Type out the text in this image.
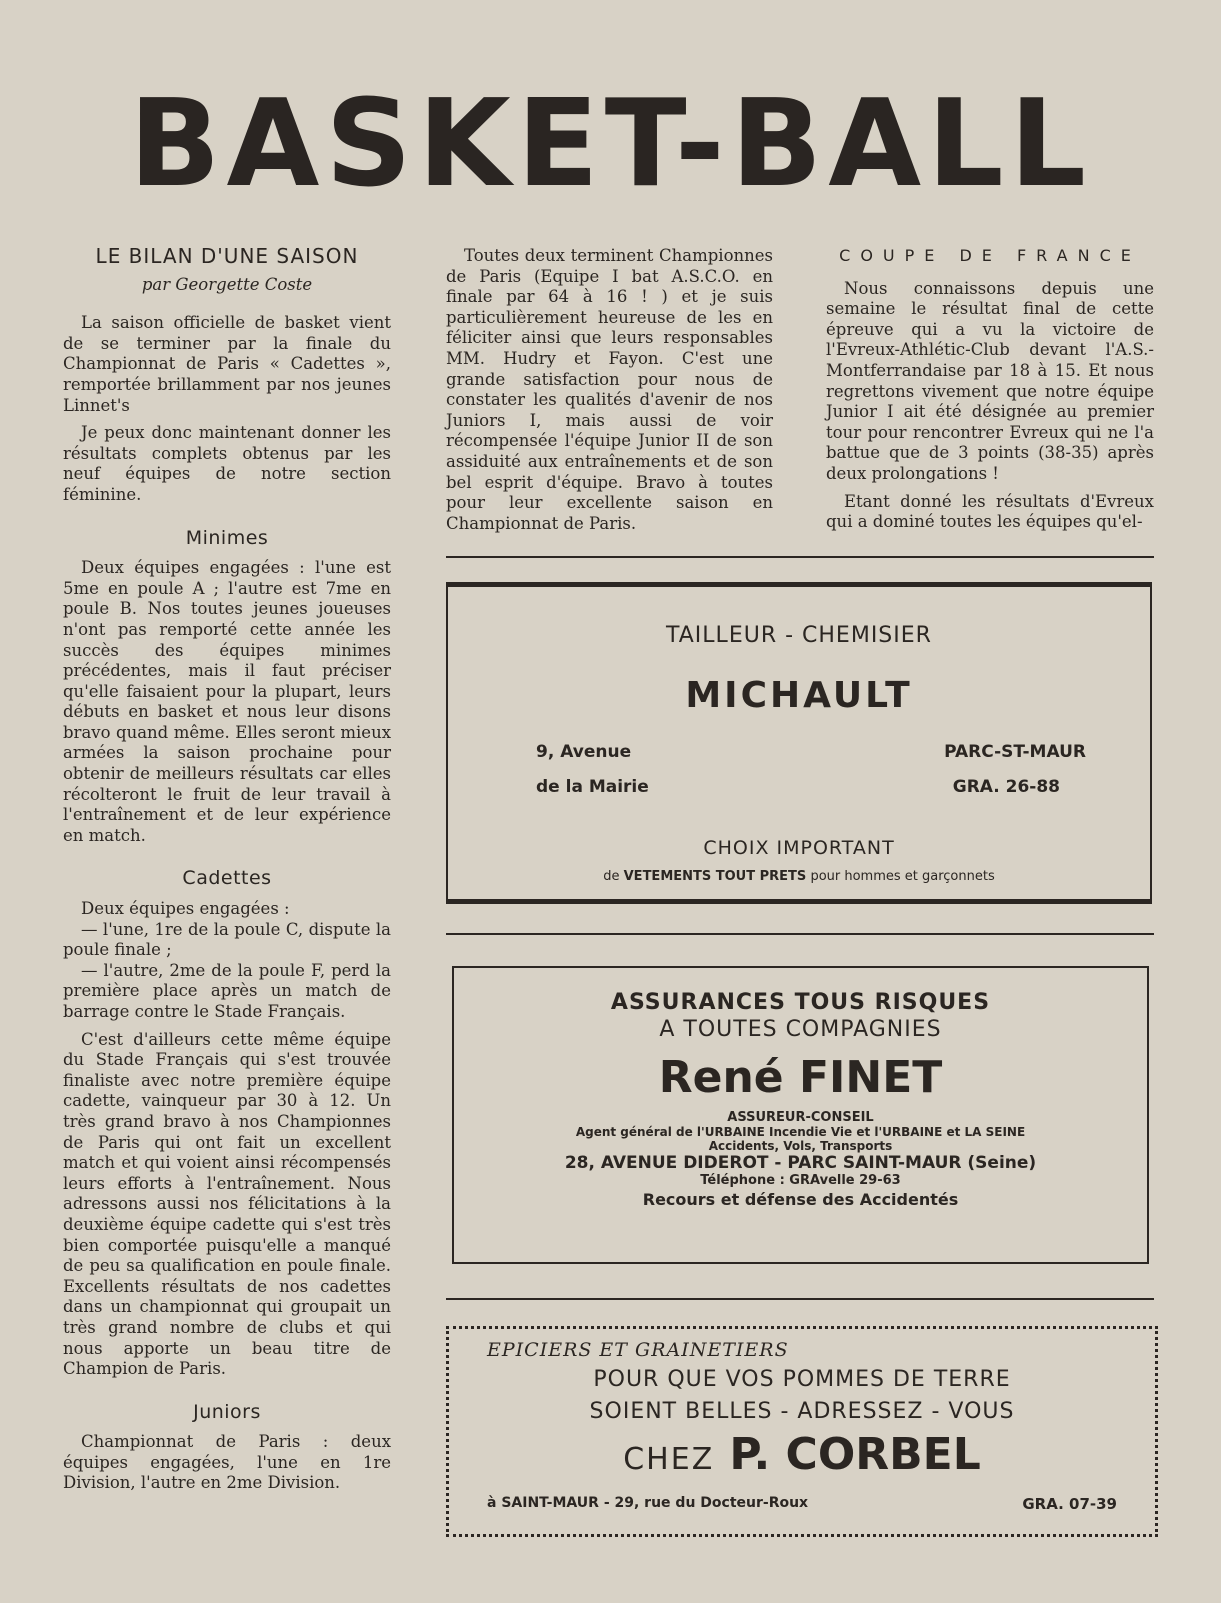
BASKET-BALL
LE BILAN D'UNE SAISON
par Georgette Coste

La saison officielle de basket vient de se terminer par la finale du Championnat de Paris « Cadettes », remportée brillamment par nos jeunes Linnet's

Je peux donc maintenant donner les résultats complets obtenus par les neuf équipes de notre section féminine.

Minimes

Deux équipes engagées : l'une est 5me en poule A ; l'autre est 7me en poule B. Nos toutes jeunes joueuses n'ont pas remporté cette année les succès des équipes minimes précédentes, mais il faut préciser qu'elle faisaient pour la plupart, leurs débuts en basket et nous leur disons bravo quand même. Elles seront mieux armées la saison prochaine pour obtenir de meilleurs résultats car elles récolteront le fruit de leur travail à l'entraînement et de leur expérience en match.

Cadettes

Deux équipes engagées :

— l'une, 1re de la poule C, dispute la poule finale ;

— l'autre, 2me de la poule F, perd la première place après un match de barrage contre le Stade Français.

C'est d'ailleurs cette même équipe du Stade Français qui s'est trouvée finaliste avec notre première équipe cadette, vainqueur par 30 à 12. Un très grand bravo à nos Championnes de Paris qui ont fait un excellent match et qui voient ainsi récompensés leurs efforts à l'entraînement. Nous adressons aussi nos félicitations à la deuxième équipe cadette qui s'est très bien comportée puisqu'elle a manqué de peu sa qualification en poule finale. Excellents résultats de nos cadettes dans un championnat qui groupait un très grand nombre de clubs et qui nous apporte un beau titre de Champion de Paris.

Juniors

Championnat de Paris : deux équipes engagées, l'une en 1re Division, l'autre en 2me Division.

Toutes deux terminent Championnes de Paris (Equipe I bat A.S.C.O. en finale par 64 à 16 ! ) et je suis particulièrement heureuse de les en féliciter ainsi que leurs responsables MM. Hudry et Fayon. C'est une grande satisfaction pour nous de constater les qualités d'avenir de nos Juniors I, mais aussi de voir récompensée l'équipe Junior II de son assiduité aux entraînements et de son bel esprit d'équipe. Bravo à toutes pour leur excellente saison en Championnat de Paris.

COUPE DE FRANCE

Nous connaissons depuis une semaine le résultat final de cette épreuve qui a vu la victoire de l'Evreux-Athlétic-Club devant l'A.S.-Montferrandaise par 18 à 15. Et nous regrettons vivement que notre équipe Junior I ait été désignée au premier tour pour rencontrer Evreux qui ne l'a battue que de 3 points (38-35) après deux prolongations !

Etant donné les résultats d'Evreux qui a dominé toutes les équipes qu'el-

TAILLEUR - CHEMISIER
MICHAULT
9, Avenue
de la Mairie
PARC-ST-MAUR
GRA. 26-88
CHOIX IMPORTANT
de VETEMENTS TOUT PRETS pour hommes et garçonnets
ASSURANCES TOUS RISQUES
A TOUTES COMPAGNIES
René FINET
ASSUREUR-CONSEIL
Agent général de l'URBAINE Incendie Vie et l'URBAINE et LA SEINE
Accidents, Vols, Transports
28, AVENUE DIDEROT - PARC SAINT-MAUR (Seine)
Téléphone : GRAvelle 29-63
Recours et défense des Accidentés
EPICIERS ET GRAINETIERS
POUR QUE VOS POMMES DE TERRE
SOIENT BELLES - ADRESSEZ - VOUS
CHEZ P. CORBEL
à SAINT-MAUR - 29, rue du Docteur-Roux	GRA. 07-39
